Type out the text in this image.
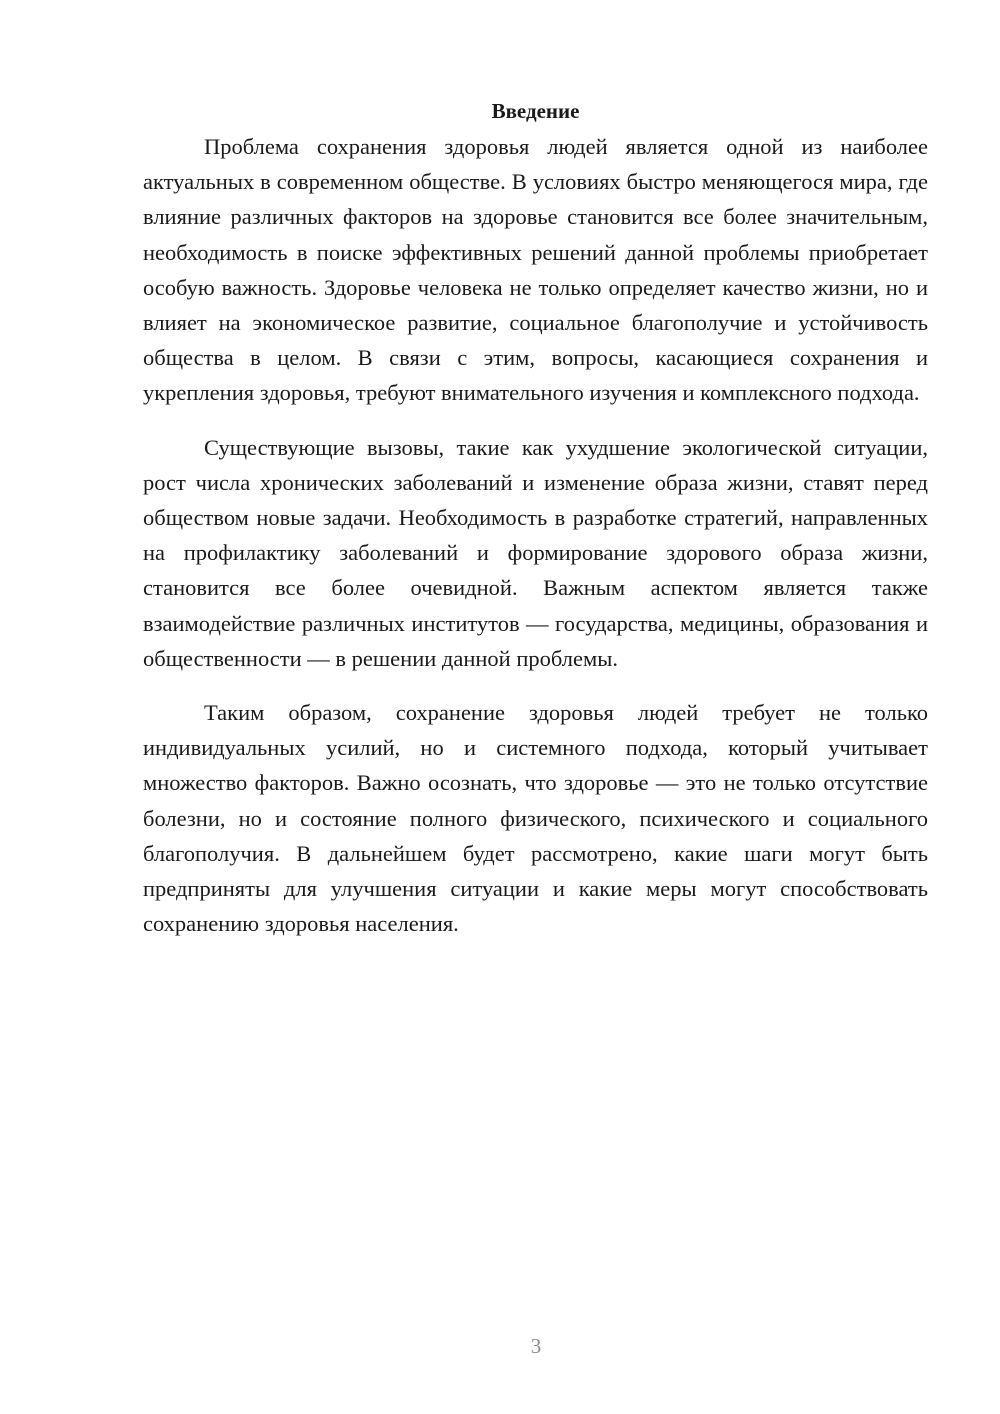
Введение

Проблема сохранения здоровья людей является одной из наиболее актуальных в современном обществе. В условиях быстро меняющегося мира, где влияние различных факторов на здоровье становится все более значительным, необходимость в поиске эффективных решений данной проблемы приобретает особую важность. Здоровье человека не только определяет качество жизни, но и влияет на экономическое развитие, социальное благополучие и устойчивость общества в целом. В связи с этим, вопросы, касающиеся сохранения и укрепления здоровья, требуют внимательного изучения и комплексного подхода.

Существующие вызовы, такие как ухудшение экологической ситуации, рост числа хронических заболеваний и изменение образа жизни, ставят перед обществом новые задачи. Необходимость в разработке стратегий, направленных на профилактику заболеваний и формирование здорового образа жизни, становится все более очевидной. Важным аспектом является также взаимодействие различных институтов — государства, медицины, образования и общественности — в решении данной проблемы.

Таким образом, сохранение здоровья людей требует не только индивидуальных усилий, но и системного подхода, который учитывает множество факторов. Важно осознать, что здоровье — это не только отсутствие болезни, но и состояние полного физического, психического и социального благополучия. В дальнейшем будет рассмотрено, какие шаги могут быть предприняты для улучшения ситуации и какие меры могут способствовать сохранению здоровья населения.

3
